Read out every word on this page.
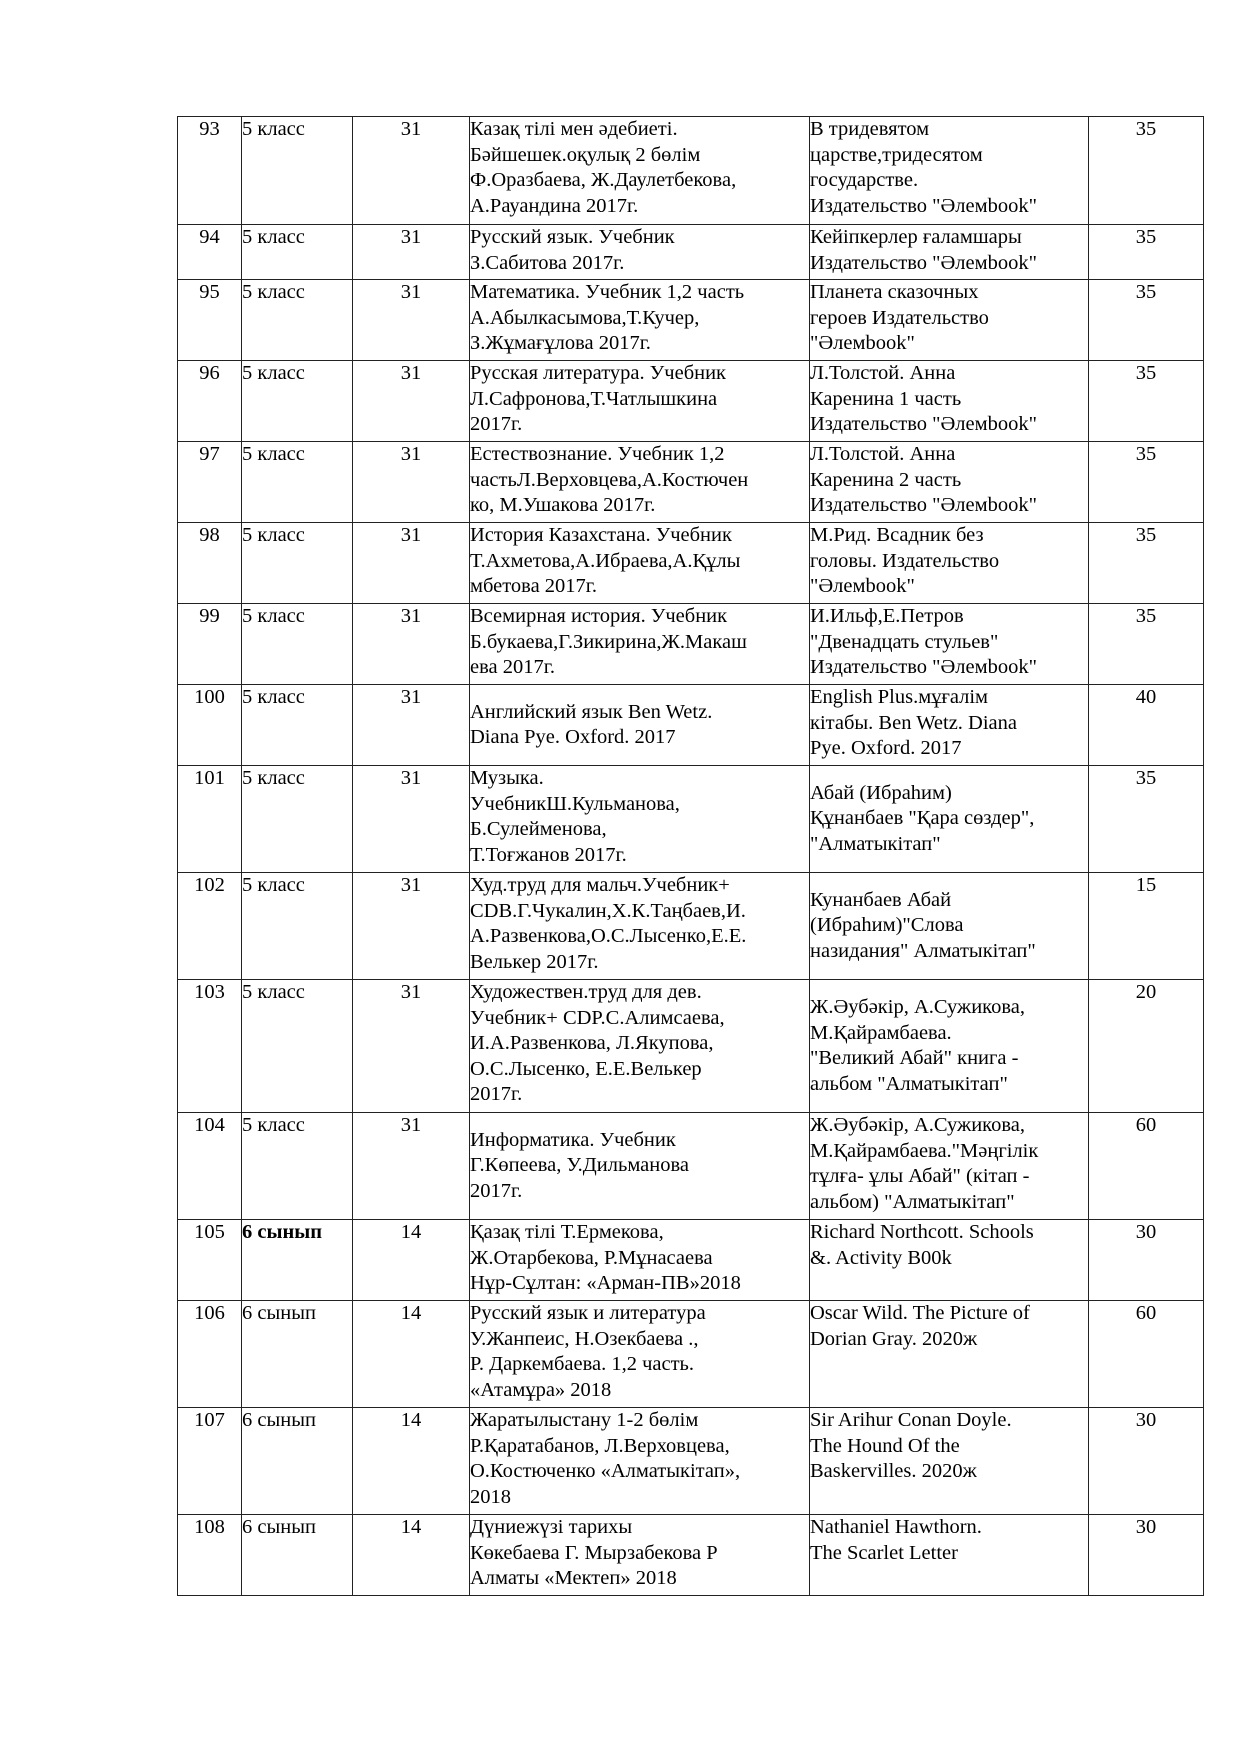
93	5 класс	31	Казақ тілі мен әдебиеті.
Бәйшешек.оқулық 2 бөлім
Ф.Оразбаева, Ж.Даулетбекова,
А.Рауандина 2017г.	В тридевятом
царстве,тридесятом
государстве.
Издательство "Әлемbook"	35
94	5 класс	31	Русский язык. Учебник
З.Сабитова 2017г.	Кейіпкерлер ғаламшары
Издательство "Әлемbook"	35
95	5 класс	31	Математика. Учебник 1,2 часть
А.Абылкасымова,Т.Кучер,
З.Жұмағұлова 2017г.	Планета сказочных
героев Издательство
"Әлемbook"	35
96	5 класс	31	Русская литература. Учебник
Л.Сафронова,Т.Чатлышкина
2017г.	Л.Толстой. Анна
Каренина 1 часть
Издательство "Әлемbook"	35
97	5 класс	31	Естествознание. Учебник 1,2
частьЛ.Верховцева,А.Костючен
ко, М.Ушакова 2017г.	Л.Толстой. Анна
Каренина 2 часть
Издательство "Әлемbook"	35
98	5 класс	31	История Казахстана. Учебник
Т.Ахметова,А.Ибраева,А.Құлы
мбетова 2017г.	М.Рид. Всадник без
головы. Издательство
"Әлемbook"	35
99	5 класс	31	Всемирная история. Учебник
Б.букаева,Г.Зикирина,Ж.Макаш
ева 2017г.	И.Ильф,Е.Петров
"Двенадцать стульев"
Издательство "Әлемbook"	35
100	5 класс	31	Английский язык Ben Wetz.
Diana Pye. Oxford. 2017	English Plus.мұғалім
кітабы. Ben Wetz. Diana
Pye. Oxford. 2017	40
101	5 класс	31	Музыка.
УчебникШ.Кульманова,
Б.Сулейменова,
Т.Тоғжанов 2017г.	Абай (Ибраһим)
Құнанбаев "Қара сөздер",
"Алматыкітап"	35
102	5 класс	31	Худ.труд для мальч.Учебник+
CDB.Г.Чукалин,Х.К.Таңбаев,И.
А.Развенкова,О.С.Лысенко,Е.Е.
Велькер 2017г.	Кунанбаев Абай
(Ибраһим)"Слова
назидания" Алматыкітап"	15
103	5 класс	31	Художествен.труд для дев.
Учебник+ CDP.С.Алимсаева,
И.А.Развенкова, Л.Якупова,
О.С.Лысенко, Е.Е.Велькер
2017г.	Ж.Әубәкір, А.Сужикова,
М.Қайрамбаева.
"Великий Абай" книга -
альбом "Алматыкітап"	20
104	5 класс	31	Информатика. Учебник
Г.Көпеева, У.Дильманова
2017г.	Ж.Әубәкір, А.Сужикова,
М.Қайрамбаева."Мәңгілік
тұлға- ұлы Абай" (кітап -
альбом) "Алматыкітап"	60
105	6 сынып	14	Қазақ тілі Т.Ермекова,
Ж.Отарбекова, Р.Мұнасаева
Нұр-Сұлтан: «Арман-ПВ»2018	Richard Northcott. Schools
&. Activity B00k	30
106	6 сынып	14	Русский язык и литература
У.Жанпеис, Н.Озекбаева .,
Р. Даркембаева. 1,2 часть.
«Атамұра» 2018	Oscar Wild. The Picture of
Dorian Gray. 2020ж	60
107	6 сынып	14	Жаратылыстану 1-2 бөлім
Р.Қаратабанов, Л.Верховцева,
О.Костюченко «Алматыкітап»,
2018	Sir Arihur Conan Doyle.
The Hound Of the
Baskervilles. 2020ж	30
108	6 сынып	14	Дүниежүзі тарихы
Көкебаева Г. Мырзабекова Р
Алматы «Мектеп» 2018	Nathaniel Hawthorn.
The Scarlet Letter	30
